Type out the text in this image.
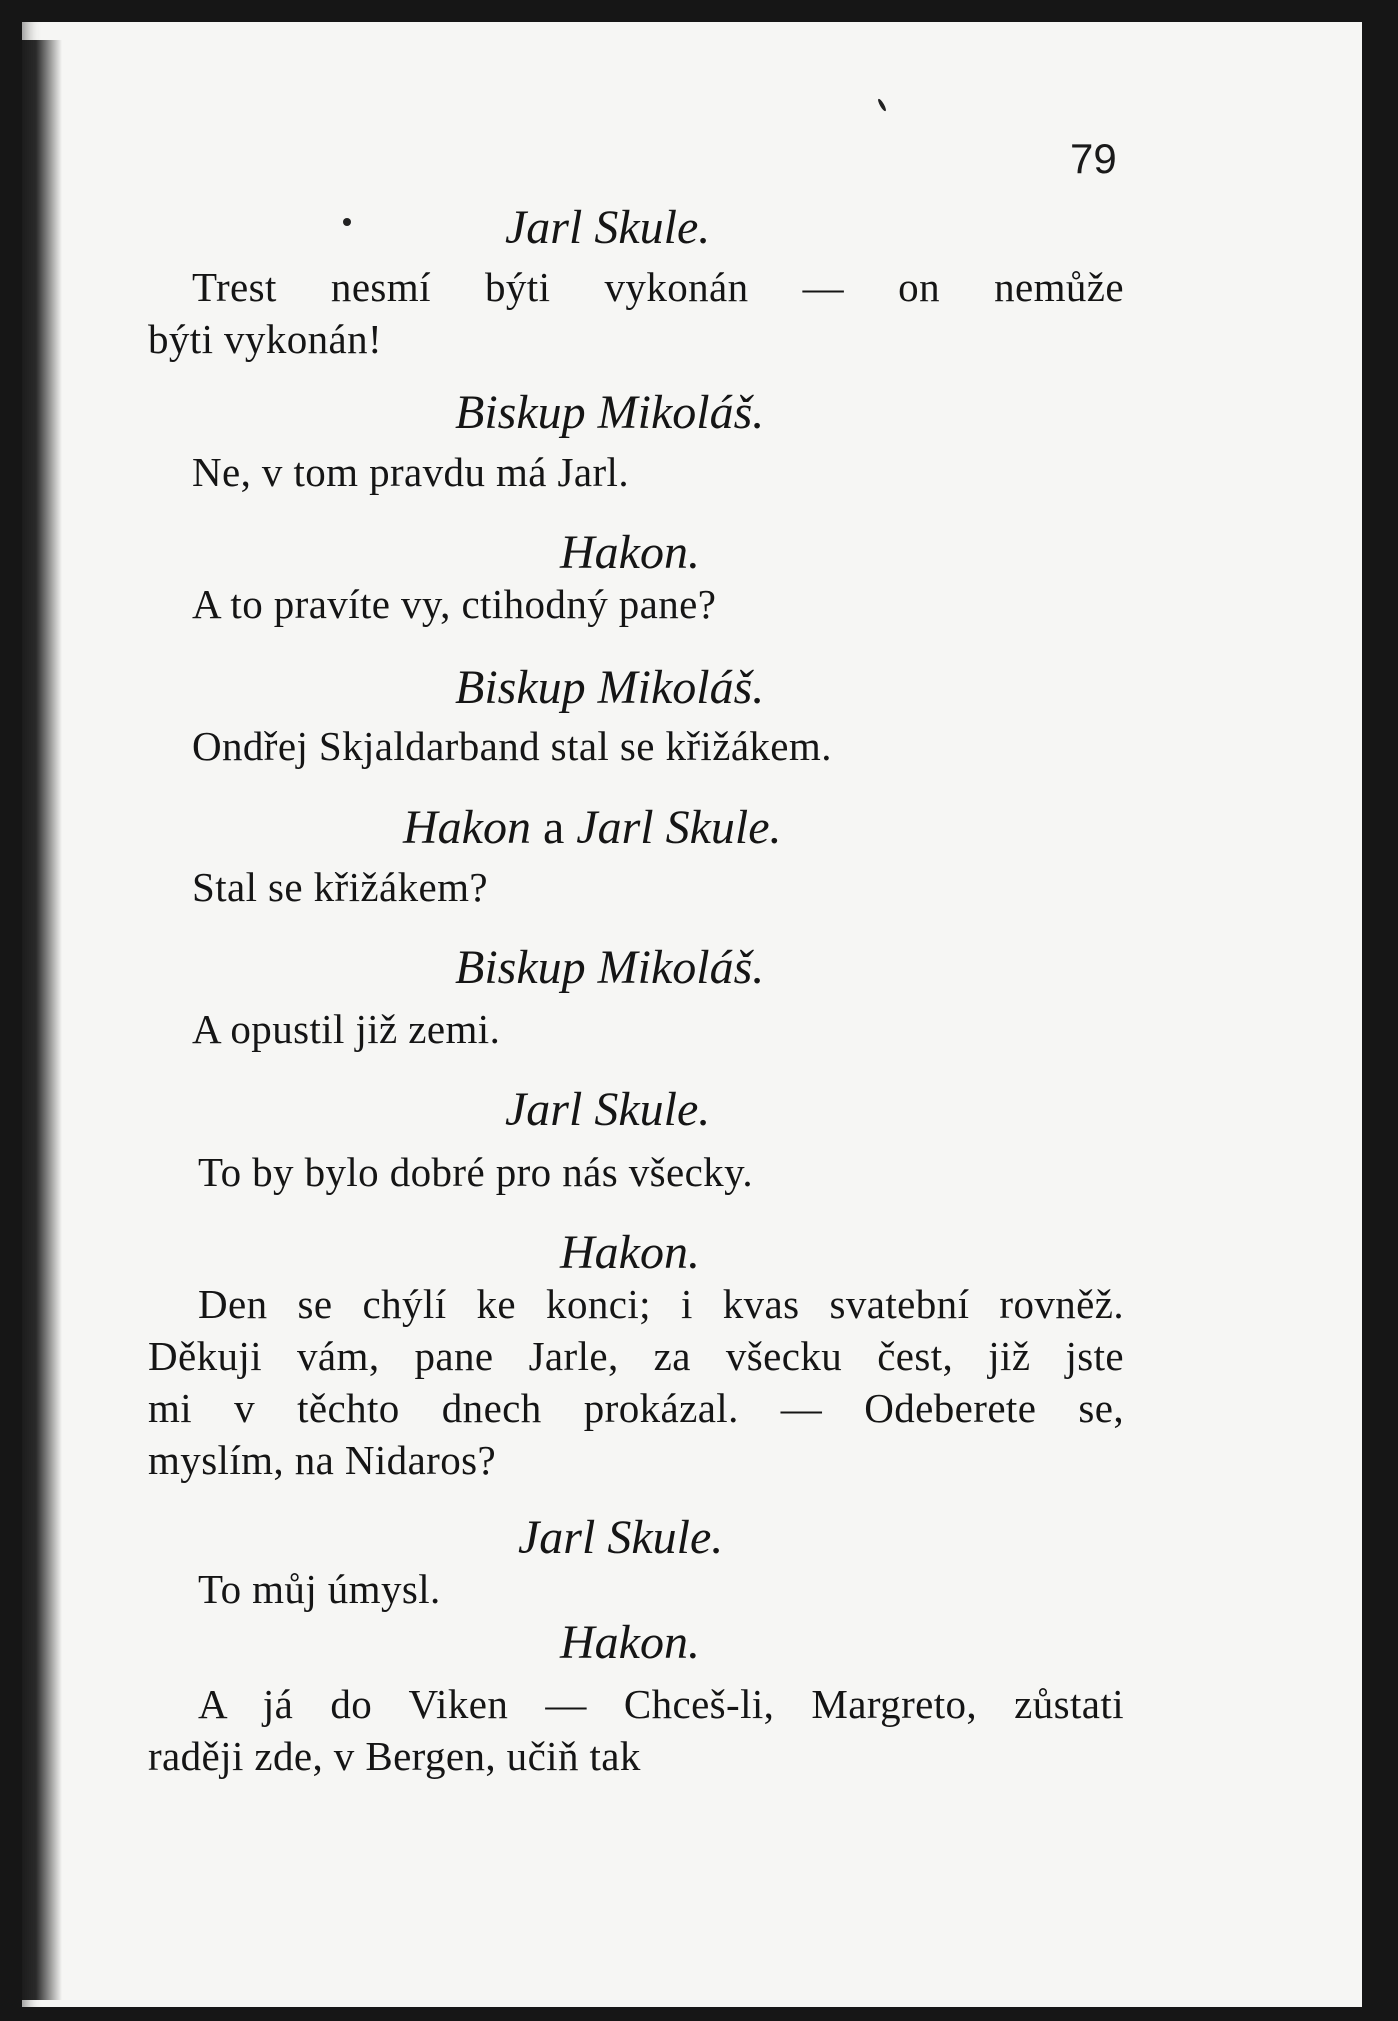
79
Jarl Skule.
Trest nesmí býti vykonán — on nemůže
býti vykonán!
Biskup Mikoláš.
Ne, v tom pravdu má Jarl.
Hakon.
A to pravíte vy, ctihodný pane?
Biskup Mikoláš.
Ondřej Skjaldarband stal se křižákem.
Hakon a Jarl Skule.
Stal se křižákem?
Biskup Mikoláš.
A opustil již zemi.
Jarl Skule.
To by bylo dobré pro nás všecky.
Hakon.
Den se chýlí ke konci; i kvas svatební rovněž.
Děkuji vám, pane Jarle, za všecku čest, již jste
mi v těchto dnech prokázal. — Odeberete se,
myslím, na Nidaros?
Jarl Skule.
To můj úmysl.
Hakon.
A já do Viken — Chceš-li, Margreto, zůstati
raději zde, v Bergen, učiň tak
